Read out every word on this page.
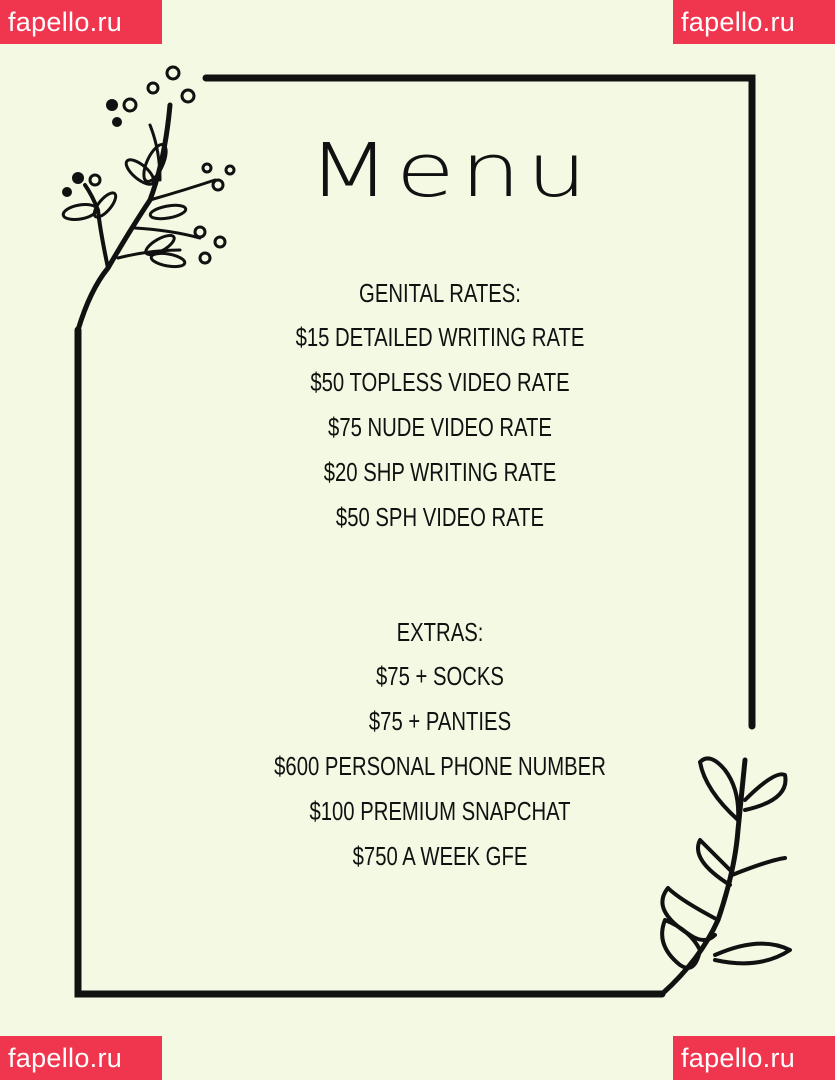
fapello.ru	fapello.ru
fapello.ru	fapello.ru
Menu
GENITAL RATES:
$15 DETAILED WRITING RATE
$50 TOPLESS VIDEO RATE
$75 NUDE VIDEO RATE
$20 SHP WRITING RATE
$50 SPH VIDEO RATE
EXTRAS:
$75 + SOCKS
$75 + PANTIES
$600 PERSONAL PHONE NUMBER
$100 PREMIUM SNAPCHAT
$750 A WEEK GFE
